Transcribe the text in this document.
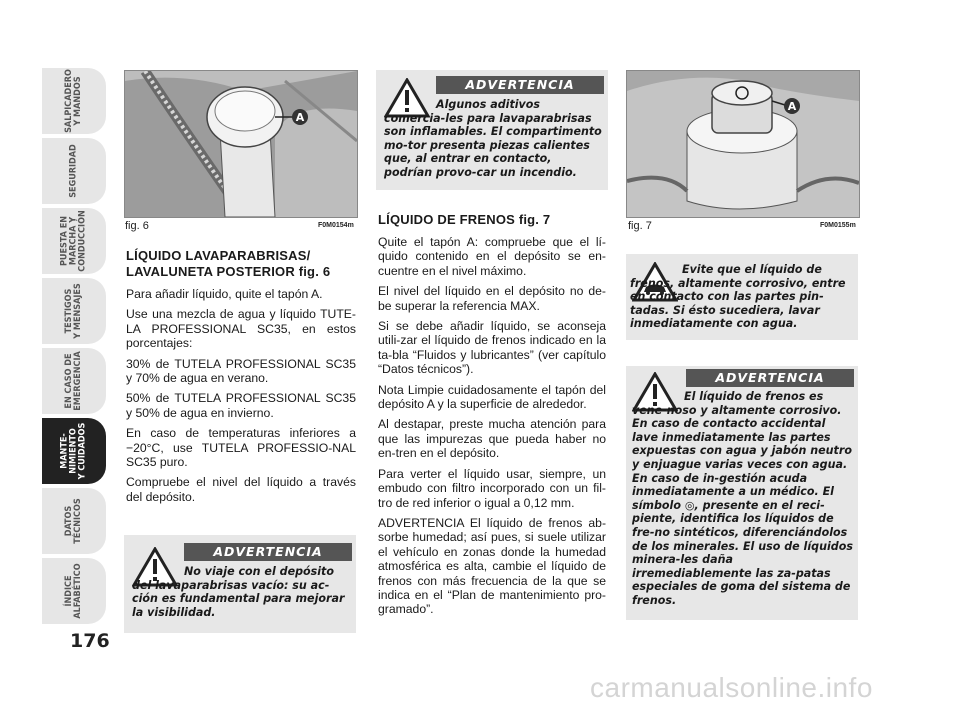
SALPICADERO
Y MANDOS
SEGURIDAD
PUESTA EN
MARCHA Y
CONDUCCIÓN
TESTIGOS
Y MENSAJES
EN CASO DE
EMERGENCIA
MANTE-
NIMIENTO
Y CUIDADOS
DATOS
TÉCNICOS
ÍNDICE
ALFABÉTICO
176
A
fig. 6	F0M0154m
LÍQUIDO LAVAPARABRISAS/ LAVALUNETA POSTERIOR fig. 6

Para añadir líquido, quite el tapón A.

Use una mezcla de agua y líquido TUTE-LA PROFESSIONAL SC35, en estos porcentajes:

30% de TUTELA PROFESSIONAL SC35 y 70% de agua en verano.

50% de TUTELA PROFESSIONAL SC35 y 50% de agua en invierno.

En caso de temperaturas inferiores a −20°C, use TUTELA PROFESSIO-NAL SC35 puro.

Compruebe el nivel del líquido a través del depósito.

ADVERTENCIA
No viaje con el depósito del lavaparabrisas vacío: su ac-ción es fundamental para mejorar la visibilidad.
ADVERTENCIA
Algunos aditivos comercia-les para lavaparabrisas son inflamables. El compartimento mo-tor presenta piezas calientes que, al entrar en contacto, podrían provo-car un incendio.
LÍQUIDO DE FRENOS fig. 7

Quite el tapón A: compruebe que el lí-quido contenido en el depósito se en-cuentre en el nivel máximo.

El nivel del líquido en el depósito no de-be superar la referencia MAX.

Si se debe añadir líquido, se aconseja utili-zar el líquido de frenos indicado en la ta-bla “Fluidos y lubricantes” (ver capítulo “Datos técnicos”).

Nota Limpie cuidadosamente el tapón del depósito A y la superficie de alrededor.

Al destapar, preste mucha atención para que las impurezas que pueda haber no en-tren en el depósito.

Para verter el líquido usar, siempre, un embudo con filtro incorporado con un fil-tro de red inferior o igual a 0,12 mm.

ADVERTENCIA El líquido de frenos ab-sorbe humedad; así pues, si suele utilizar el vehículo en zonas donde la humedad atmosférica es alta, cambie el líquido de frenos con más frecuencia de la que se indica en el “Plan de mantenimiento pro-gramado”.

A
fig. 7	F0M0155m
Evite que el líquido de frenos, altamente corrosivo, entre en contacto con las partes pin-tadas. Si ésto sucediera, lavar inmediatamente con agua.
ADVERTENCIA
El líquido de frenos es vene-noso y altamente corrosivo. En caso de contacto accidental lave inmediatamente las partes expuestas con agua y jabón neutro y enjuague varias veces con agua. En caso de in-gestión acuda inmediatamente a un médico. El símbolo ◎, presente en el reci-piente, identifica los líquidos de fre-no sintéticos, diferenciándolos de los minerales. El uso de líquidos minera-les daña irremediablemente las za-patas especiales de goma del sistema de frenos.
carmanualsonline.info
